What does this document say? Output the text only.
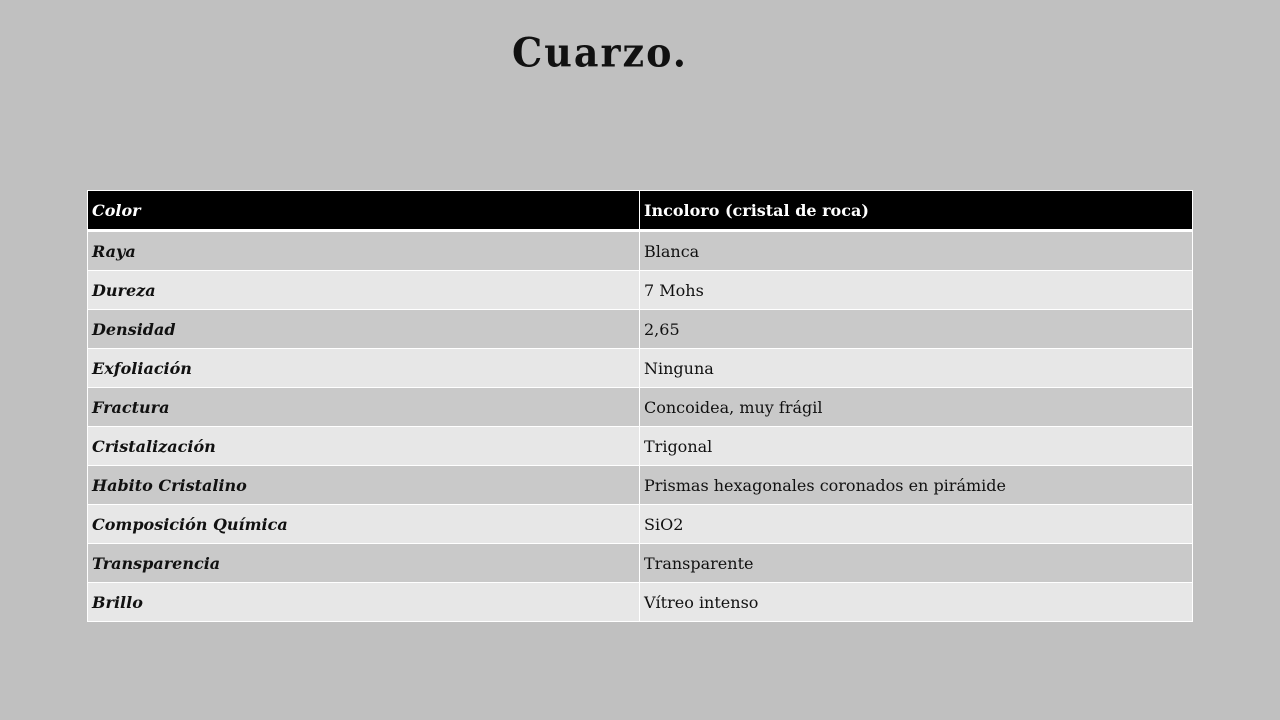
Cuarzo.
Color	Incoloro (cristal de roca)
Raya	Blanca
Dureza	7 Mohs
Densidad	2,65
Exfoliación	Ninguna
Fractura	Concoidea, muy frágil
Cristalización	Trigonal
Habito Cristalino	Prismas hexagonales coronados en pirámide
Composición Química	SiO2
Transparencia	Transparente
Brillo	Vítreo intenso
